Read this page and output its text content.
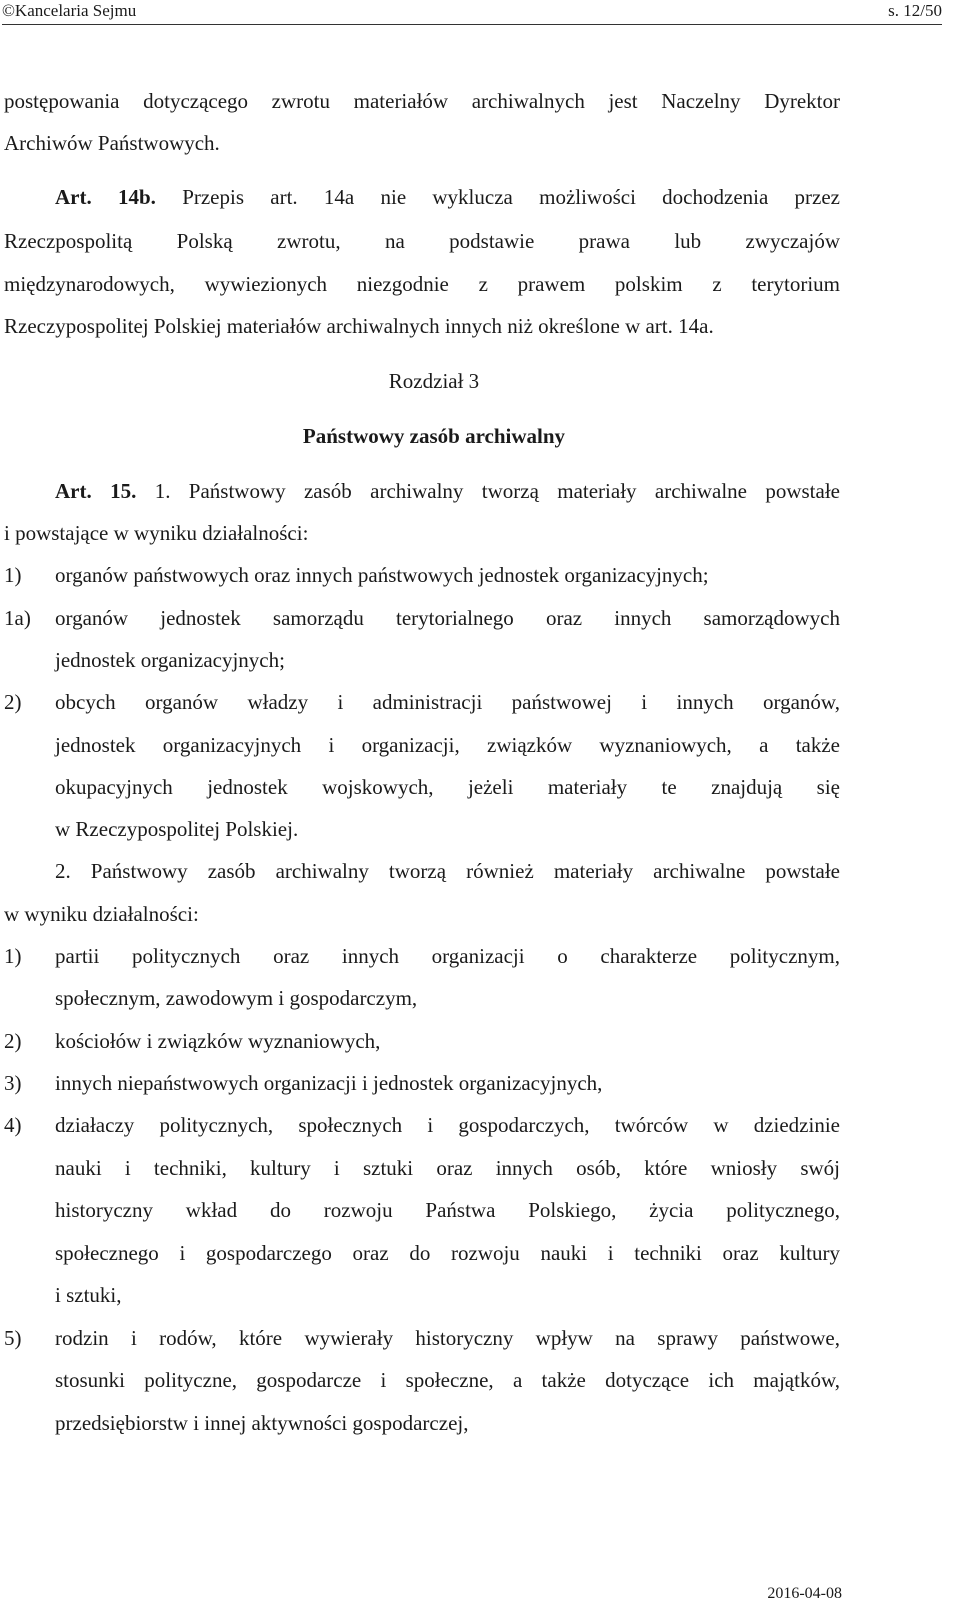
©Kancelaria Sejmu	s. 12/50
postępowania dotyczącego zwrotu materiałów archiwalnych jest Naczelny Dyrektor
Archiwów Państwowych.
Art. 14b. Przepis art. 14a nie wyklucza możliwości dochodzenia przez
Rzeczpospolitą Polską zwrotu, na podstawie prawa lub zwyczajów
międzynarodowych, wywiezionych niezgodnie z prawem polskim z terytorium
Rzeczypospolitej Polskiej materiałów archiwalnych innych niż określone w art. 14a.
Rozdział 3
Państwowy zasób archiwalny
Art. 15. 1. Państwowy zasób archiwalny tworzą materiały archiwalne powstałe
i powstające w wyniku działalności:
1) organów państwowych oraz innych państwowych jednostek organizacyjnych;
1a) organów jednostek samorządu terytorialnego oraz innych samorządowych
jednostek organizacyjnych;
2) obcych organów władzy i administracji państwowej i innych organów,
jednostek organizacyjnych i organizacji, związków wyznaniowych, a także
okupacyjnych jednostek wojskowych, jeżeli materiały te znajdują się
w Rzeczypospolitej Polskiej.
2. Państwowy zasób archiwalny tworzą również materiały archiwalne powstałe
w wyniku działalności:
1) partii politycznych oraz innych organizacji o charakterze politycznym,
społecznym, zawodowym i gospodarczym,
2) kościołów i związków wyznaniowych,
3) innych niepaństwowych organizacji i jednostek organizacyjnych,
4) działaczy politycznych, społecznych i gospodarczych, twórców w dziedzinie
nauki i techniki, kultury i sztuki oraz innych osób, które wniosły swój
historyczny wkład do rozwoju Państwa Polskiego, życia politycznego,
społecznego i gospodarczego oraz do rozwoju nauki i techniki oraz kultury
i sztuki,
5) rodzin i rodów, które wywierały historyczny wpływ na sprawy państwowe,
stosunki polityczne, gospodarcze i społeczne, a także dotyczące ich majątków,
przedsiębiorstw i innej aktywności gospodarczej,
2016-04-08
